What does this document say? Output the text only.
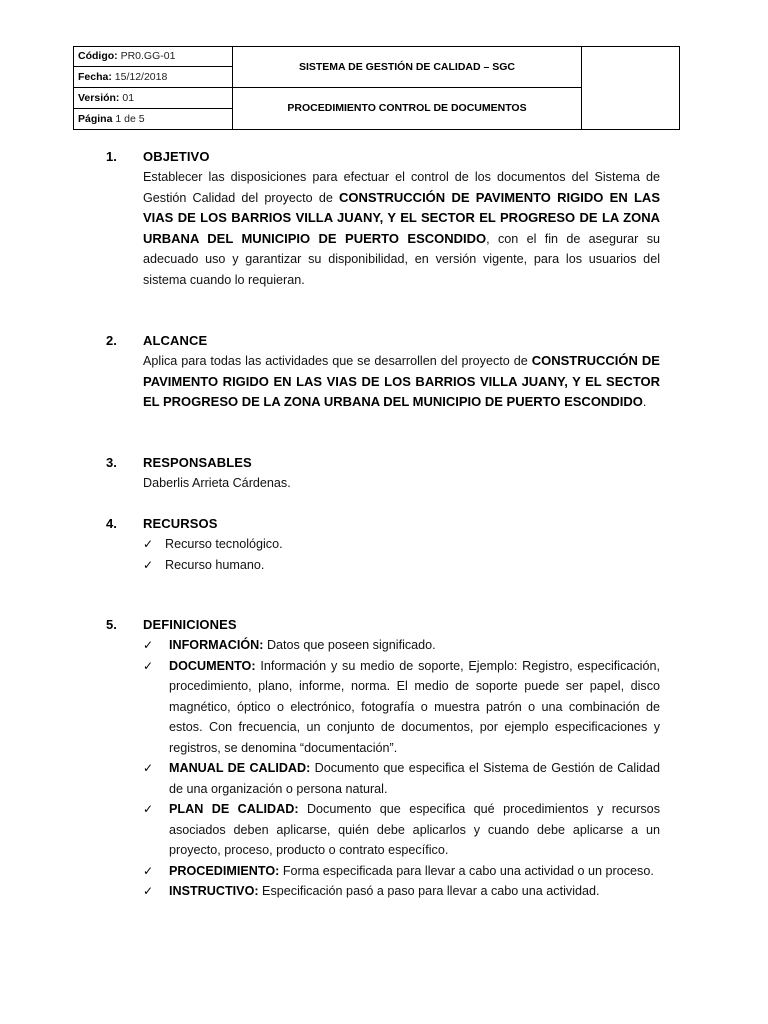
Código: PR0.GG-01	SISTEMA DE GESTIÓN DE CALIDAD – SGC	
Fecha: 15/12/2018		
Versión: 01	PROCEDIMIENTO CONTROL DE DOCUMENTOS	
Página 1 de 5		
1. OBJETIVO
Establecer las disposiciones para efectuar el control de los documentos del Sistema de Gestión Calidad del proyecto de CONSTRUCCIÓN DE PAVIMENTO RIGIDO EN LAS VIAS DE LOS BARRIOS VILLA JUANY, Y EL SECTOR EL PROGRESO DE LA ZONA URBANA DEL MUNICIPIO DE PUERTO ESCONDIDO, con el fin de asegurar su adecuado uso y garantizar su disponibilidad, en versión vigente, para los usuarios del sistema cuando lo requieran.
2. ALCANCE
Aplica para todas las actividades que se desarrollen del proyecto de CONSTRUCCIÓN DE PAVIMENTO RIGIDO EN LAS VIAS DE LOS BARRIOS VILLA JUANY, Y EL SECTOR EL PROGRESO DE LA ZONA URBANA DEL MUNICIPIO DE PUERTO ESCONDIDO.
3. RESPONSABLES
Daberlis Arrieta Cárdenas.
4. RECURSOS
✓ Recurso tecnológico.
✓ Recurso humano.
5. DEFINICIONES
✓ INFORMACIÓN: Datos que poseen significado.
✓ DOCUMENTO: Información y su medio de soporte, Ejemplo: Registro, especificación, procedimiento, plano, informe, norma. El medio de soporte puede ser papel, disco magnético, óptico o electrónico, fotografía o muestra patrón o una combinación de estos. Con frecuencia, un conjunto de documentos, por ejemplo especificaciones y registros, se denomina “documentación”.
✓ MANUAL DE CALIDAD: Documento que especifica el Sistema de Gestión de Calidad de una organización o persona natural.
✓ PLAN DE CALIDAD: Documento que especifica qué procedimientos y recursos asociados deben aplicarse, quién debe aplicarlos y cuando debe aplicarse a un proyecto, proceso, producto o contrato específico.
✓ PROCEDIMIENTO: Forma especificada para llevar a cabo una actividad o un proceso.
✓ INSTRUCTIVO: Especificación pasó a paso para llevar a cabo una actividad.
